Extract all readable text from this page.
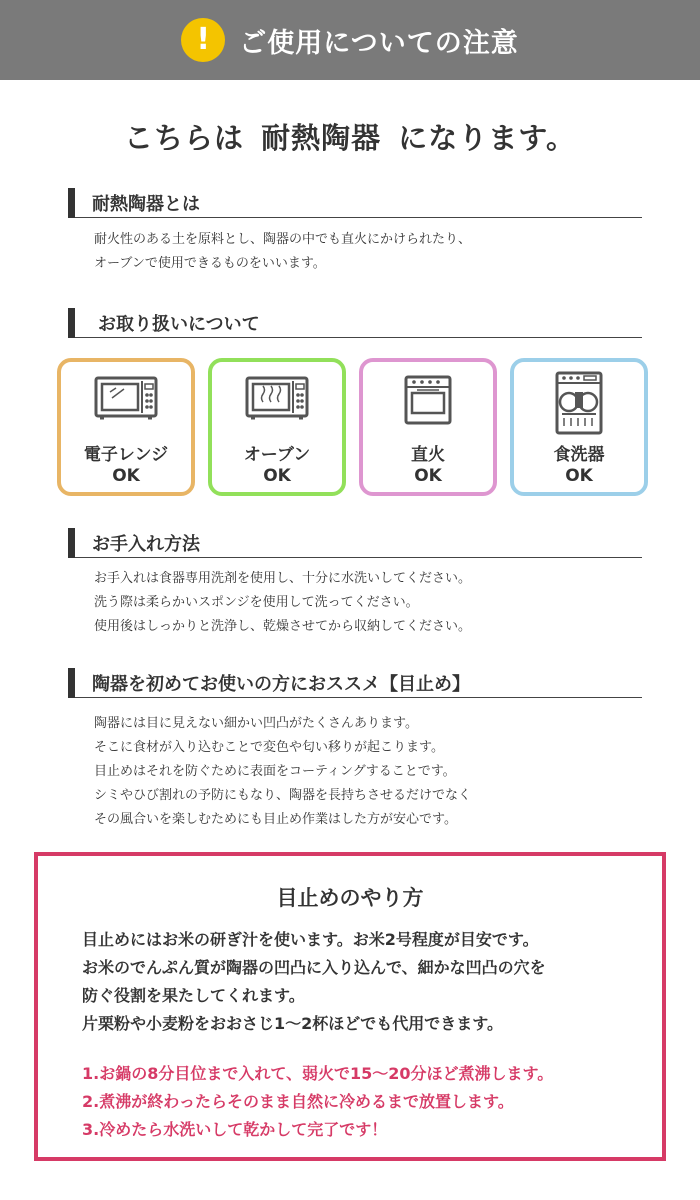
!	ご使用についての注意
こちらは 耐熱陶器 になります。
耐熱陶器とは
耐火性のある土を原料とし、陶器の中でも直火にかけられたり、
オーブンで使用できるものをいいます。
お取り扱いについて
電子レンジ
OK
オーブン
OK
直火
OK
食洗器
OK
お手入れ方法
お手入れは食器専用洗剤を使用し、十分に水洗いしてください。
洗う際は柔らかいスポンジを使用して洗ってください。
使用後はしっかりと洗浄し、乾燥させてから収納してください。
陶器を初めてお使いの方におススメ【目止め】
陶器には目に見えない細かい凹凸がたくさんあります。
そこに食材が入り込むことで変色や匂い移りが起こります。
目止めはそれを防ぐために表面をコーティングすることです。
シミやひび割れの予防にもなり、陶器を長持ちさせるだけでなく
その風合いを楽しむためにも目止め作業はした方が安心です。
目止めのやり方
目止めにはお米の研ぎ汁を使います。お米2号程度が目安です。
お米のでんぷん質が陶器の凹凸に入り込んで、細かな凹凸の穴を
防ぐ役割を果たしてくれます。
片栗粉や小麦粉をおおさじ1～2杯ほどでも代用できます。
1.お鍋の8分目位まで入れて、弱火で15～20分ほど煮沸します。
2.煮沸が終わったらそのまま自然に冷めるまで放置します。
3.冷めたら水洗いして乾かして完了です！
